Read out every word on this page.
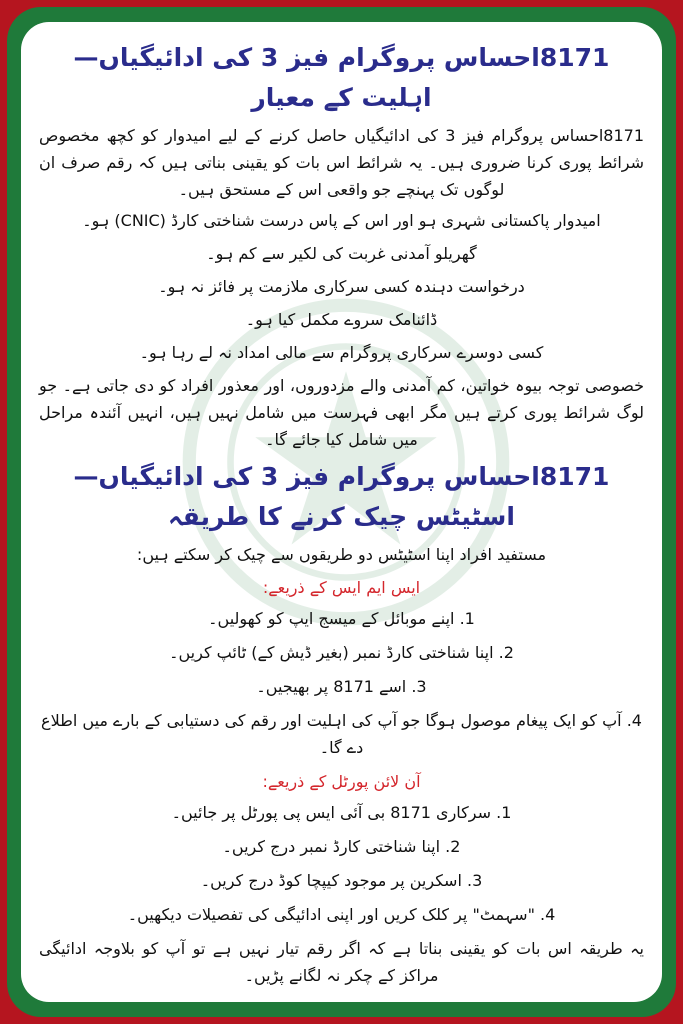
8171احساس پروگرام فیز 3 کی ادائیگیاں—اہلیت کے معیار

8171احساس پروگرام فیز 3 کی ادائیگیاں حاصل کرنے کے لیے امیدوار کو کچھ مخصوص شرائط پوری کرنا ضروری ہیں۔ یہ شرائط اس بات کو یقینی بناتی ہیں کہ رقم صرف ان لوگوں تک پہنچے جو واقعی اس کے مستحق ہیں۔

امیدوار پاکستانی شہری ہو اور اس کے پاس درست شناختی کارڈ (CNIC) ہو۔
گھریلو آمدنی غربت کی لکیر سے کم ہو۔
درخواست دہندہ کسی سرکاری ملازمت پر فائز نہ ہو۔
ڈائنامک سروے مکمل کیا ہو۔
کسی دوسرے سرکاری پروگرام سے مالی امداد نہ لے رہا ہو۔

خصوصی توجہ بیوہ خواتین، کم آمدنی والے مزدوروں، اور معذور افراد کو دی جاتی ہے۔ جو لوگ شرائط پوری کرتے ہیں مگر ابھی فہرست میں شامل نہیں ہیں، انہیں آئندہ مراحل میں شامل کیا جائے گا۔

8171احساس پروگرام فیز 3 کی ادائیگیاں—اسٹیٹس چیک کرنے کا طریقہ
مستفید افراد اپنا اسٹیٹس دو طریقوں سے چیک کر سکتے ہیں:
ایس ایم ایس کے ذریعے:
1. اپنے موبائل کے میسج ایپ کو کھولیں۔
2. اپنا شناختی کارڈ نمبر (بغیر ڈیش کے) ٹائپ کریں۔
3. اسے 8171 پر بھیجیں۔
4. آپ کو ایک پیغام موصول ہوگا جو آپ کی اہلیت اور رقم کی دستیابی کے بارے میں اطلاع دے گا۔
آن لائن پورٹل کے ذریعے:
1. سرکاری 8171 بی آئی ایس پی پورٹل پر جائیں۔
2. اپنا شناختی کارڈ نمبر درج کریں۔
3. اسکرین پر موجود کیپچا کوڈ درج کریں۔
4. "سہمٹ" پر کلک کریں اور اپنی ادائیگی کی تفصیلات دیکھیں۔

یہ طریقہ اس بات کو یقینی بناتا ہے کہ اگر رقم تیار نہیں ہے تو آپ کو بلاوجہ ادائیگی مراکز کے چکر نہ لگانے پڑیں۔
